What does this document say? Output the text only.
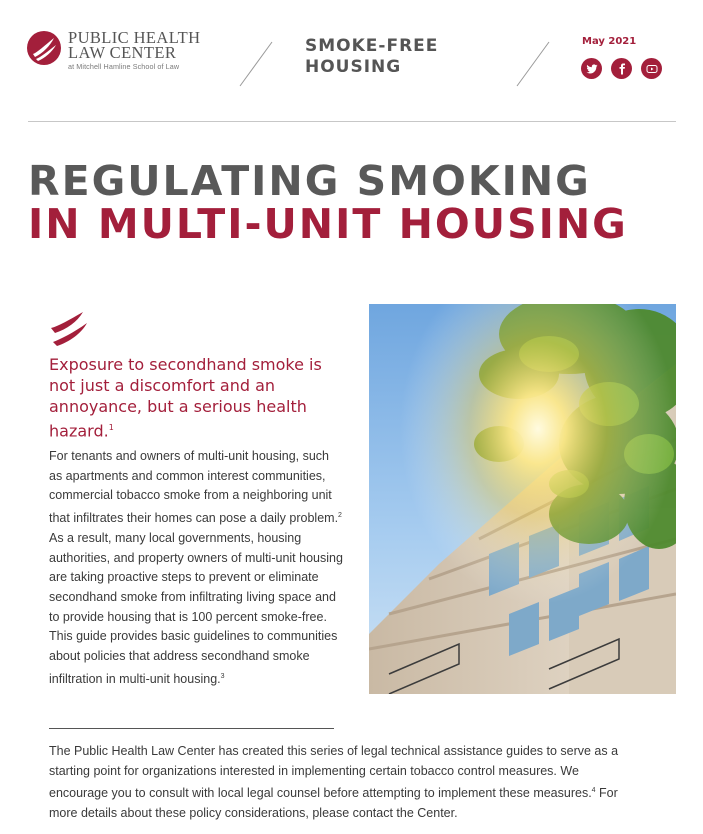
PUBLIC HEALTH
LAW CENTER
at Mitchell Hamline School of Law
SMOKE-FREE
HOUSING
May 2021
REGULATING SMOKING
IN MULTI-UNIT HOUSING

Exposure to secondhand smoke is not just a discomfort and an annoyance, but a serious health hazard.$^1$

For tenants and owners of multi-unit housing, such as apartments and common interest communities, commercial tobacco smoke from a neighboring unit that infiltrates their homes can pose a daily problem.$^2$ As a result, many local governments, housing authorities, and property owners of multi-unit housing are taking proactive steps to prevent or eliminate secondhand smoke from infiltrating living space and to provide housing that is 100 percent smoke-free. This guide provides basic guidelines to communities about policies that address secondhand smoke infiltration in multi-unit housing.$^3$

The Public Health Law Center has created this series of legal technical assistance guides to serve as a starting point for organizations interested in implementing certain tobacco control measures. We encourage you to consult with local legal counsel before attempting to implement these measures.$^4$ For more details about these policy considerations, please contact the Center.
